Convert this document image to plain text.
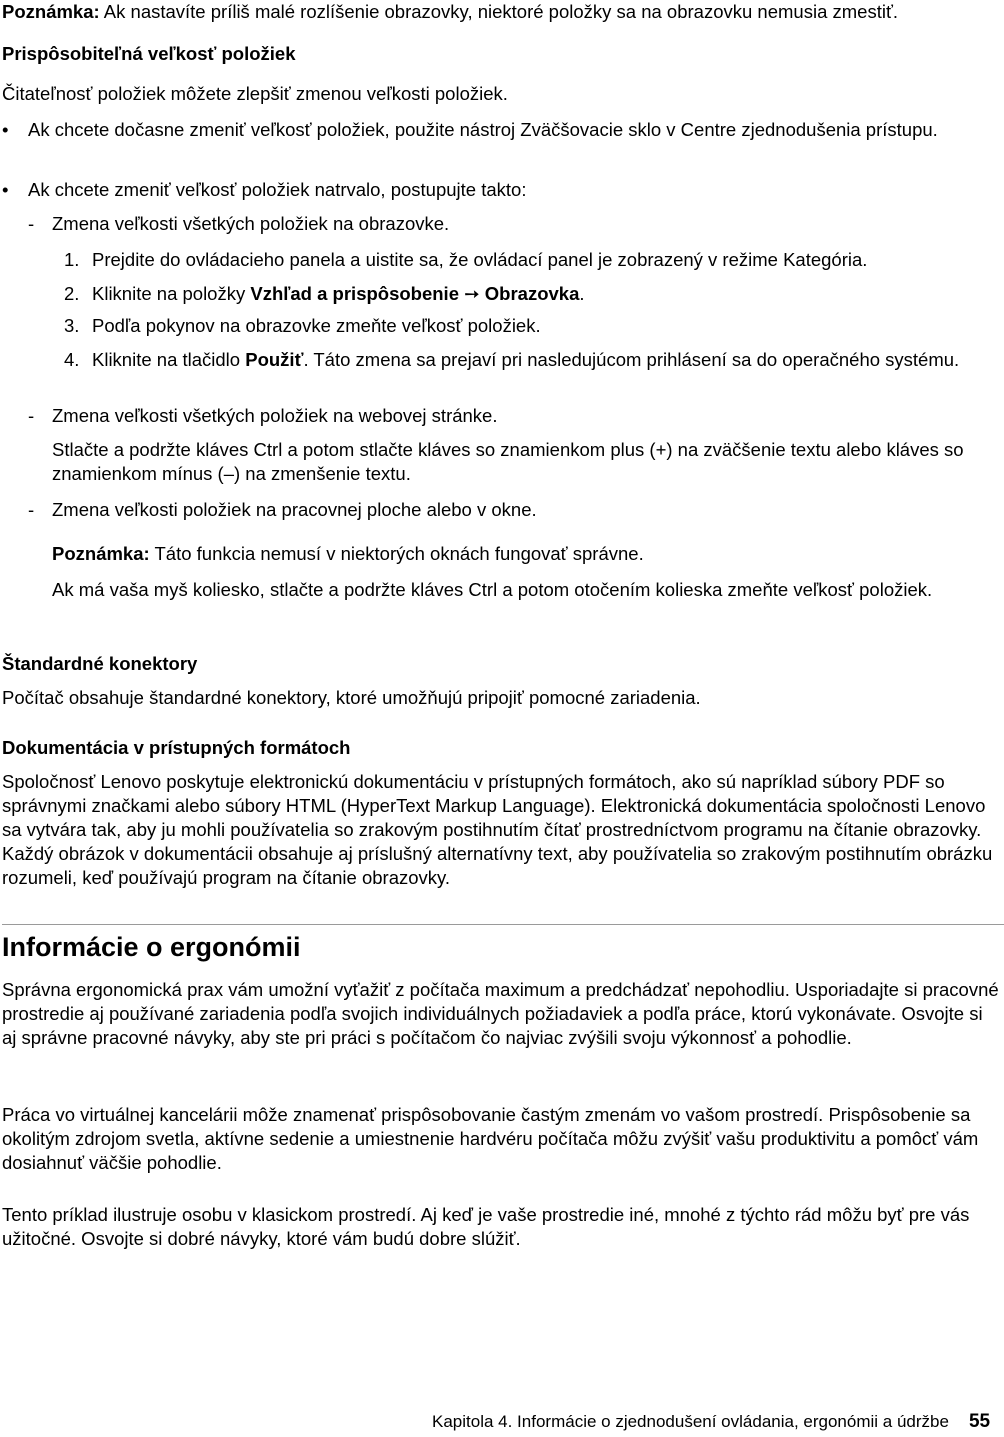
Poznámka: Ak nastavíte príliš malé rozlíšenie obrazovky, niektoré položky sa na obrazovku nemusia zmestiť.
Prispôsobiteľná veľkosť položiek
Čitateľnosť položiek môžete zlepšiť zmenou veľkosti položiek.
• Ak chcete dočasne zmeniť veľkosť položiek, použite nástroj Zväčšovacie sklo v Centre zjednodušenia prístupu.
• Ak chcete zmeniť veľkosť položiek natrvalo, postupujte takto:
- Zmena veľkosti všetkých položiek na obrazovke.
1. Prejdite do ovládacieho panela a uistite sa, že ovládací panel je zobrazený v režime Kategória.
2. Kliknite na položky Vzhľad a prispôsobenie ➙ Obrazovka.
3. Podľa pokynov na obrazovke zmeňte veľkosť položiek.
4. Kliknite na tlačidlo Použiť. Táto zmena sa prejaví pri nasledujúcom prihlásení sa do operačného systému.
- Zmena veľkosti všetkých položiek na webovej stránke.
Stlačte a podržte kláves Ctrl a potom stlačte kláves so znamienkom plus (+) na zväčšenie textu alebo kláves so znamienkom mínus (–) na zmenšenie textu.
- Zmena veľkosti položiek na pracovnej ploche alebo v okne.
Poznámka: Táto funkcia nemusí v niektorých oknách fungovať správne.
Ak má vaša myš koliesko, stlačte a podržte kláves Ctrl a potom otočením kolieska zmeňte veľkosť položiek.
Štandardné konektory
Počítač obsahuje štandardné konektory, ktoré umožňujú pripojiť pomocné zariadenia.
Dokumentácia v prístupných formátoch
Spoločnosť Lenovo poskytuje elektronickú dokumentáciu v prístupných formátoch, ako sú napríklad súbory PDF so správnymi značkami alebo súbory HTML (HyperText Markup Language). Elektronická dokumentácia spoločnosti Lenovo sa vytvára tak, aby ju mohli používatelia so zrakovým postihnutím čítať prostredníctvom programu na čítanie obrazovky. Každý obrázok v dokumentácii obsahuje aj príslušný alternatívny text, aby používatelia so zrakovým postihnutím obrázku rozumeli, keď používajú program na čítanie obrazovky.
Informácie o ergonómii
Správna ergonomická prax vám umožní vyťažiť z počítača maximum a predchádzať nepohodliu. Usporiadajte si pracovné prostredie aj používané zariadenia podľa svojich individuálnych požiadaviek a podľa práce, ktorú vykonávate. Osvojte si aj správne pracovné návyky, aby ste pri práci s počítačom čo najviac zvýšili svoju výkonnosť a pohodlie.
Práca vo virtuálnej kancelárii môže znamenať prispôsobovanie častým zmenám vo vašom prostredí. Prispôsobenie sa okolitým zdrojom svetla, aktívne sedenie a umiestnenie hardvéru počítača môžu zvýšiť vašu produktivitu a pomôcť vám dosiahnuť väčšie pohodlie.
Tento príklad ilustruje osobu v klasickom prostredí. Aj keď je vaše prostredie iné, mnohé z týchto rád môžu byť pre vás užitočné. Osvojte si dobré návyky, ktoré vám budú dobre slúžiť.
Kapitola 4. Informácie o zjednodušení ovládania, ergonómii a údržbe 55
